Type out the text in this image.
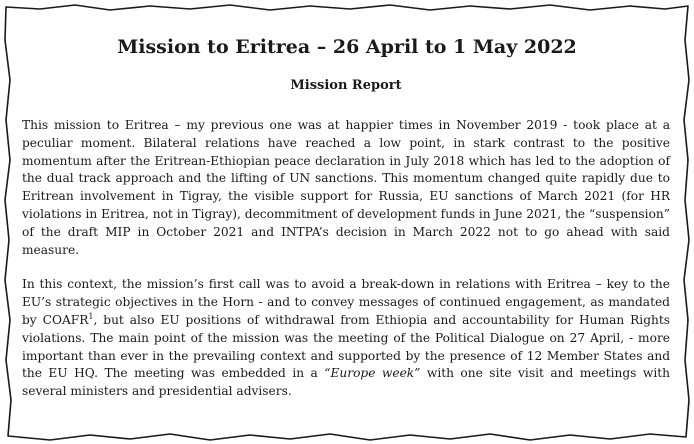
Mission to Eritrea – 26 April to 1 May 2022
Mission Report

This mission to Eritrea – my previous one was at happier times in November 2019 - took place at a peculiar moment. Bilateral relations have reached a low point, in stark contrast to the positive momentum after the Eritrean-Ethiopian peace declaration in July 2018 which has led to the adoption of the dual track approach and the lifting of UN sanctions. This momentum changed quite rapidly due to Eritrean involvement in Tigray, the visible support for Russia, EU sanctions of March 2021 (for HR violations in Eritrea, not in Tigray), decommitment of development funds in June 2021, the “suspension” of the draft MIP in October 2021 and INTPA’s decision in March 2022 not to go ahead with said measure.

In this context, the mission’s first call was to avoid a break-down in relations with Eritrea – key to the EU’s strategic objectives in the Horn - and to convey messages of continued engagement, as mandated by COAFR$^1$, but also EU positions of withdrawal from Ethiopia and accountability for Human Rights violations. The main point of the mission was the meeting of the Political Dialogue on 27 April, - more important than ever in the prevailing context and supported by the presence of 12 Member States and the EU HQ. The meeting was embedded in a “Europe week” with one site visit and meetings with several ministers and presidential advisers.
